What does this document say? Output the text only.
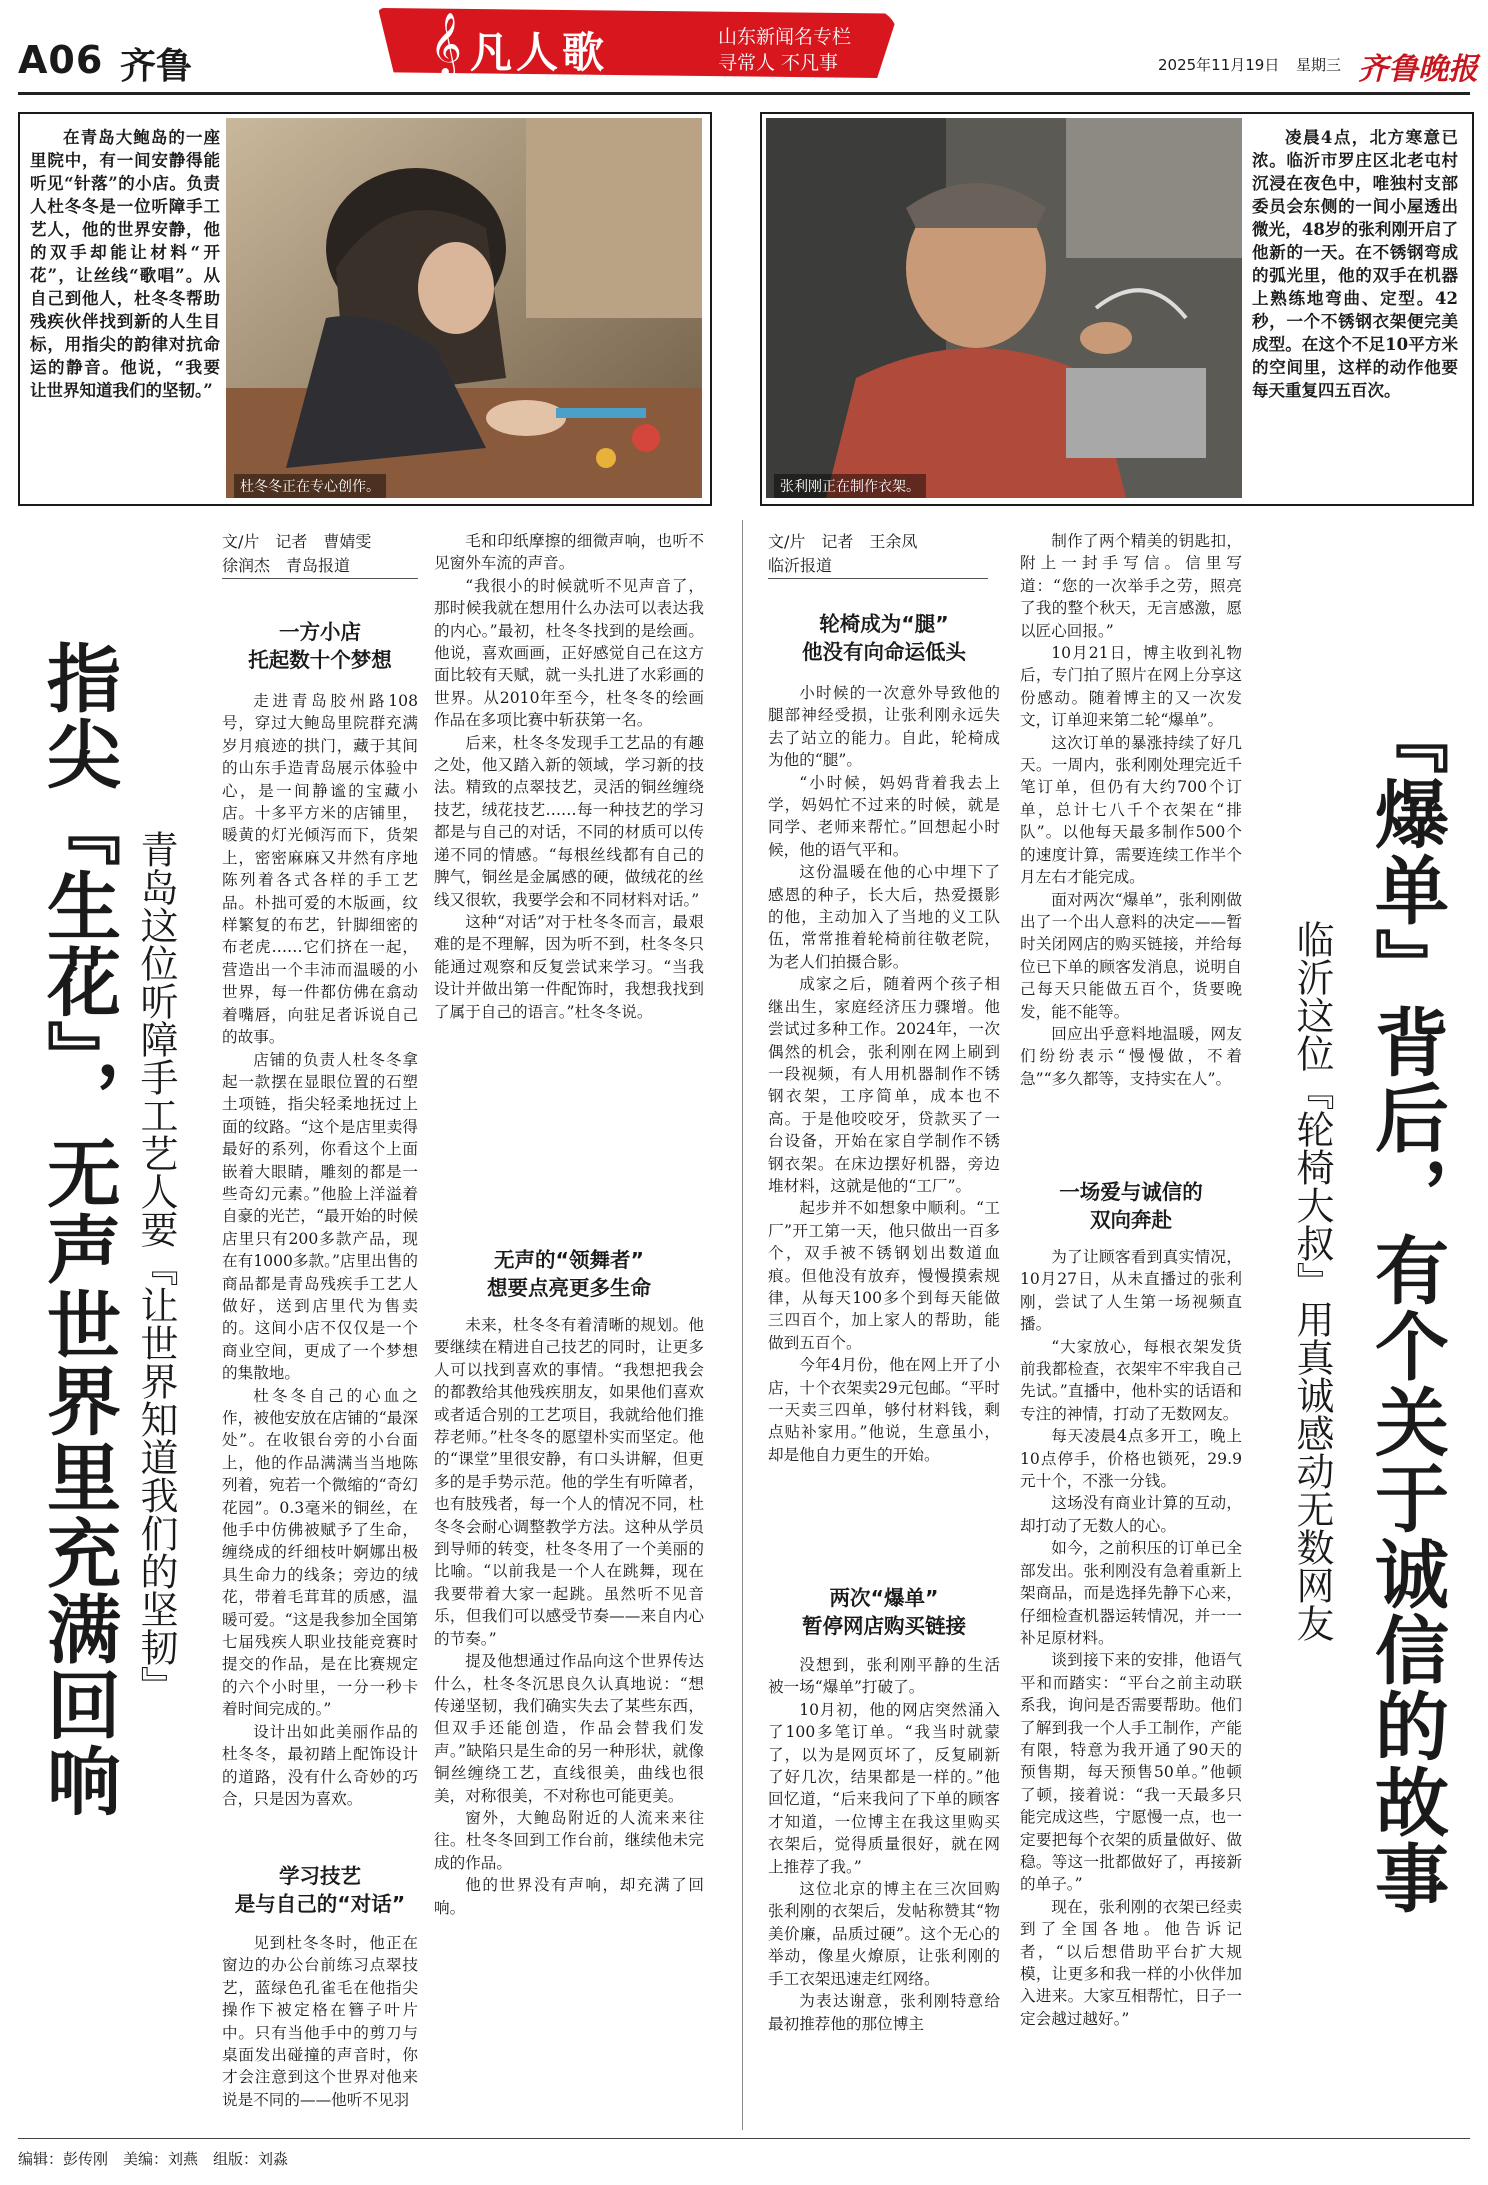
A06 齐鲁	𝄞 凡人歌	山东新闻名专栏
寻常人 不凡事	2025年11月19日 星期三 齐鲁晚报
在青岛大鲍岛的一座里院中，有一间安静得能听见“针落”的小店。负责人杜冬冬是一位听障手工艺人，他的世界安静，他的双手却能让材料“开花”，让丝线“歌唱”。从自己到他人，杜冬冬帮助残疾伙伴找到新的人生目标，用指尖的韵律对抗命运的静音。他说，“我要让世界知道我们的坚韧。”
杜冬冬正在专心创作。	张利刚正在制作衣架。
凌晨4点，北方寒意已浓。临沂市罗庄区北老屯村沉浸在夜色中，唯独村支部委员会东侧的一间小屋透出微光，48岁的张利刚开启了他新的一天。在不锈钢弯成的弧光里，他的双手在机器上熟练地弯曲、定型。42秒，一个不锈钢衣架便完美成型。在这个不足10平方米的空间里，这样的动作他要每天重复四五百次。
指尖『生花』，无声世界里充满回响 青岛这位听障手工艺人要『让世界知道我们的坚韧』
文/片　记者　曹婧雯
徐润杰　青岛报道
一方小店
托起数十个梦想

走进青岛胶州路108号，穿过大鲍岛里院群充满岁月痕迹的拱门，藏于其间的山东手造青岛展示体验中心，是一间静谧的宝藏小店。十多平方米的店铺里，暖黄的灯光倾泻而下，货架上，密密麻麻又井然有序地陈列着各式各样的手工艺品。朴拙可爱的木版画，纹样繁复的布艺，针脚细密的布老虎……它们挤在一起，营造出一个丰沛而温暖的小世界，每一件都仿佛在翕动着嘴唇，向驻足者诉说自己的故事。

店铺的负责人杜冬冬拿起一款摆在显眼位置的石塑土项链，指尖轻柔地抚过上面的纹路。“这个是店里卖得最好的系列，你看这个上面嵌着大眼睛，雕刻的都是一些奇幻元素。”他脸上洋溢着自豪的光芒，“最开始的时候店里只有200多款产品，现在有1000多款。”店里出售的商品都是青岛残疾手工艺人做好，送到店里代为售卖的。这间小店不仅仅是一个商业空间，更成了一个梦想的集散地。

杜冬冬自己的心血之作，被他安放在店铺的“最深处”。在收银台旁的小台面上，他的作品满满当当地陈列着，宛若一个微缩的“奇幻花园”。0.3毫米的铜丝，在他手中仿佛被赋予了生命，缠绕成的纤细枝叶婀娜出极具生命力的线条；旁边的绒花，带着毛茸茸的质感，温暖可爱。“这是我参加全国第七届残疾人职业技能竞赛时提交的作品，是在比赛规定的六个小时里，一分一秒卡着时间完成的。”

设计出如此美丽作品的杜冬冬，最初踏上配饰设计的道路，没有什么奇妙的巧合，只是因为喜欢。

学习技艺
是与自己的“对话”

见到杜冬冬时，他正在窗边的办公台前练习点翠技艺，蓝绿色孔雀毛在他指尖操作下被定格在簪子叶片中。只有当他手中的剪刀与桌面发出碰撞的声音时，你才会注意到这个世界对他来说是不同的——他听不见羽

毛和印纸摩擦的细微声响，也听不见窗外车流的声音。

“我很小的时候就听不见声音了，那时候我就在想用什么办法可以表达我的内心。”最初，杜冬冬找到的是绘画。他说，喜欢画画，正好感觉自己在这方面比较有天赋，就一头扎进了水彩画的世界。从2010年至今，杜冬冬的绘画作品在多项比赛中斩获第一名。

后来，杜冬冬发现手工艺品的有趣之处，他又踏入新的领域，学习新的技法。精致的点翠技艺，灵活的铜丝缠绕技艺，绒花技艺……每一种技艺的学习都是与自己的对话，不同的材质可以传递不同的情感。“每根丝线都有自己的脾气，铜丝是金属感的硬，做绒花的丝线又很软，我要学会和不同材料对话。”

这种“对话”对于杜冬冬而言，最艰难的是不理解，因为听不到，杜冬冬只能通过观察和反复尝试来学习。“当我设计并做出第一件配饰时，我想我找到了属于自己的语言。”杜冬冬说。

无声的“领舞者”
想要点亮更多生命

未来，杜冬冬有着清晰的规划。他要继续在精进自己技艺的同时，让更多人可以找到喜欢的事情。“我想把我会的都教给其他残疾朋友，如果他们喜欢或者适合别的工艺项目，我就给他们推荐老师。”杜冬冬的愿望朴实而坚定。他的“课堂”里很安静，有口头讲解，但更多的是手势示范。他的学生有听障者，也有肢残者，每一个人的情况不同，杜冬冬会耐心调整教学方法。这种从学员到导师的转变，杜冬冬用了一个美丽的比喻。“以前我是一个人在跳舞，现在我要带着大家一起跳。虽然听不见音乐，但我们可以感受节奏——来自内心的节奏。”

提及他想通过作品向这个世界传达什么，杜冬冬沉思良久认真地说：“想传递坚韧，我们确实失去了某些东西，但双手还能创造，作品会替我们发声。”缺陷只是生命的另一种形状，就像铜丝缠绕工艺，直线很美，曲线也很美，对称很美，不对称也可能更美。

窗外，大鲍岛附近的人流来来往往。杜冬冬回到工作台前，继续他未完成的作品。

他的世界没有声响，却充满了回响。

文/片　记者　王余凤
临沂报道
轮椅成为“腿”
他没有向命运低头

小时候的一次意外导致他的腿部神经受损，让张利刚永远失去了站立的能力。自此，轮椅成为他的“腿”。

“小时候，妈妈背着我去上学，妈妈忙不过来的时候，就是同学、老师来帮忙。”回想起小时候，他的语气平和。

这份温暖在他的心中埋下了感恩的种子，长大后，热爱摄影的他，主动加入了当地的义工队伍，常常推着轮椅前往敬老院，为老人们拍摄合影。

成家之后，随着两个孩子相继出生，家庭经济压力骤增。他尝试过多种工作。2024年，一次偶然的机会，张利刚在网上刷到一段视频，有人用机器制作不锈钢衣架，工序简单，成本也不高。于是他咬咬牙，贷款买了一台设备，开始在家自学制作不锈钢衣架。在床边摆好机器，旁边堆材料，这就是他的“工厂”。

起步并不如想象中顺利。“工厂”开工第一天，他只做出一百多个，双手被不锈钢划出数道血痕。但他没有放弃，慢慢摸索规律，从每天100多个到每天能做三四百个，加上家人的帮助，能做到五百个。

今年4月份，他在网上开了小店，十个衣架卖29元包邮。“平时一天卖三四单，够付材料钱，剩点贴补家用。”他说，生意虽小，却是他自力更生的开始。

两次“爆单”
暂停网店购买链接

没想到，张利刚平静的生活被一场“爆单”打破了。

10月初，他的网店突然涌入了100多笔订单。“我当时就蒙了，以为是网页坏了，反复刷新了好几次，结果都是一样的。”他回忆道，“后来我问了下单的顾客才知道，一位博主在我这里购买衣架后，觉得质量很好，就在网上推荐了我。”

这位北京的博主在三次回购张利刚的衣架后，发帖称赞其“物美价廉，品质过硬”。这个无心的举动，像星火燎原，让张利刚的手工衣架迅速走红网络。

为表达谢意，张利刚特意给最初推荐他的那位博主

制作了两个精美的钥匙扣，附上一封手写信。信里写道：“您的一次举手之劳，照亮了我的整个秋天，无言感激，愿以匠心回报。”

10月21日，博主收到礼物后，专门拍了照片在网上分享这份感动。随着博主的又一次发文，订单迎来第二轮“爆单”。

这次订单的暴涨持续了好几天。一周内，张利刚处理完近千笔订单，但仍有大约700个订单，总计七八千个衣架在“排队”。以他每天最多制作500个的速度计算，需要连续工作半个月左右才能完成。

面对两次“爆单”，张利刚做出了一个出人意料的决定——暂时关闭网店的购买链接，并给每位已下单的顾客发消息，说明自己每天只能做五百个，货要晚发，能不能等。

回应出乎意料地温暖，网友们纷纷表示“慢慢做，不着急”“多久都等，支持实在人”。

一场爱与诚信的
双向奔赴

为了让顾客看到真实情况，10月27日，从未直播过的张利刚，尝试了人生第一场视频直播。

“大家放心，每根衣架发货前我都检查，衣架牢不牢我自己先试。”直播中，他朴实的话语和专注的神情，打动了无数网友。

每天凌晨4点多开工，晚上10点停手，价格也锁死，29.9元十个，不涨一分钱。

这场没有商业计算的互动，却打动了无数人的心。

如今，之前积压的订单已全部发出。张利刚没有急着重新上架商品，而是选择先静下心来，仔细检查机器运转情况，并一一补足原材料。

谈到接下来的安排，他语气平和而踏实：“平台之前主动联系我，询问是否需要帮助。他们了解到我一个人手工制作，产能有限，特意为我开通了90天的预售期，每天预售50单。”他顿了顿，接着说：“我一天最多只能完成这些，宁愿慢一点，也一定要把每个衣架的质量做好、做稳。等这一批都做好了，再接新的单子。”

现在，张利刚的衣架已经卖到了全国各地。他告诉记者，“以后想借助平台扩大规模，让更多和我一样的小伙伴加入进来。大家互相帮忙，日子一定会越过越好。”

『爆单』背后，有个关于诚信的故事
临沂这位『轮椅大叔』用真诚感动无数网友
编辑：彭传刚　美编：刘燕　组版：刘淼
